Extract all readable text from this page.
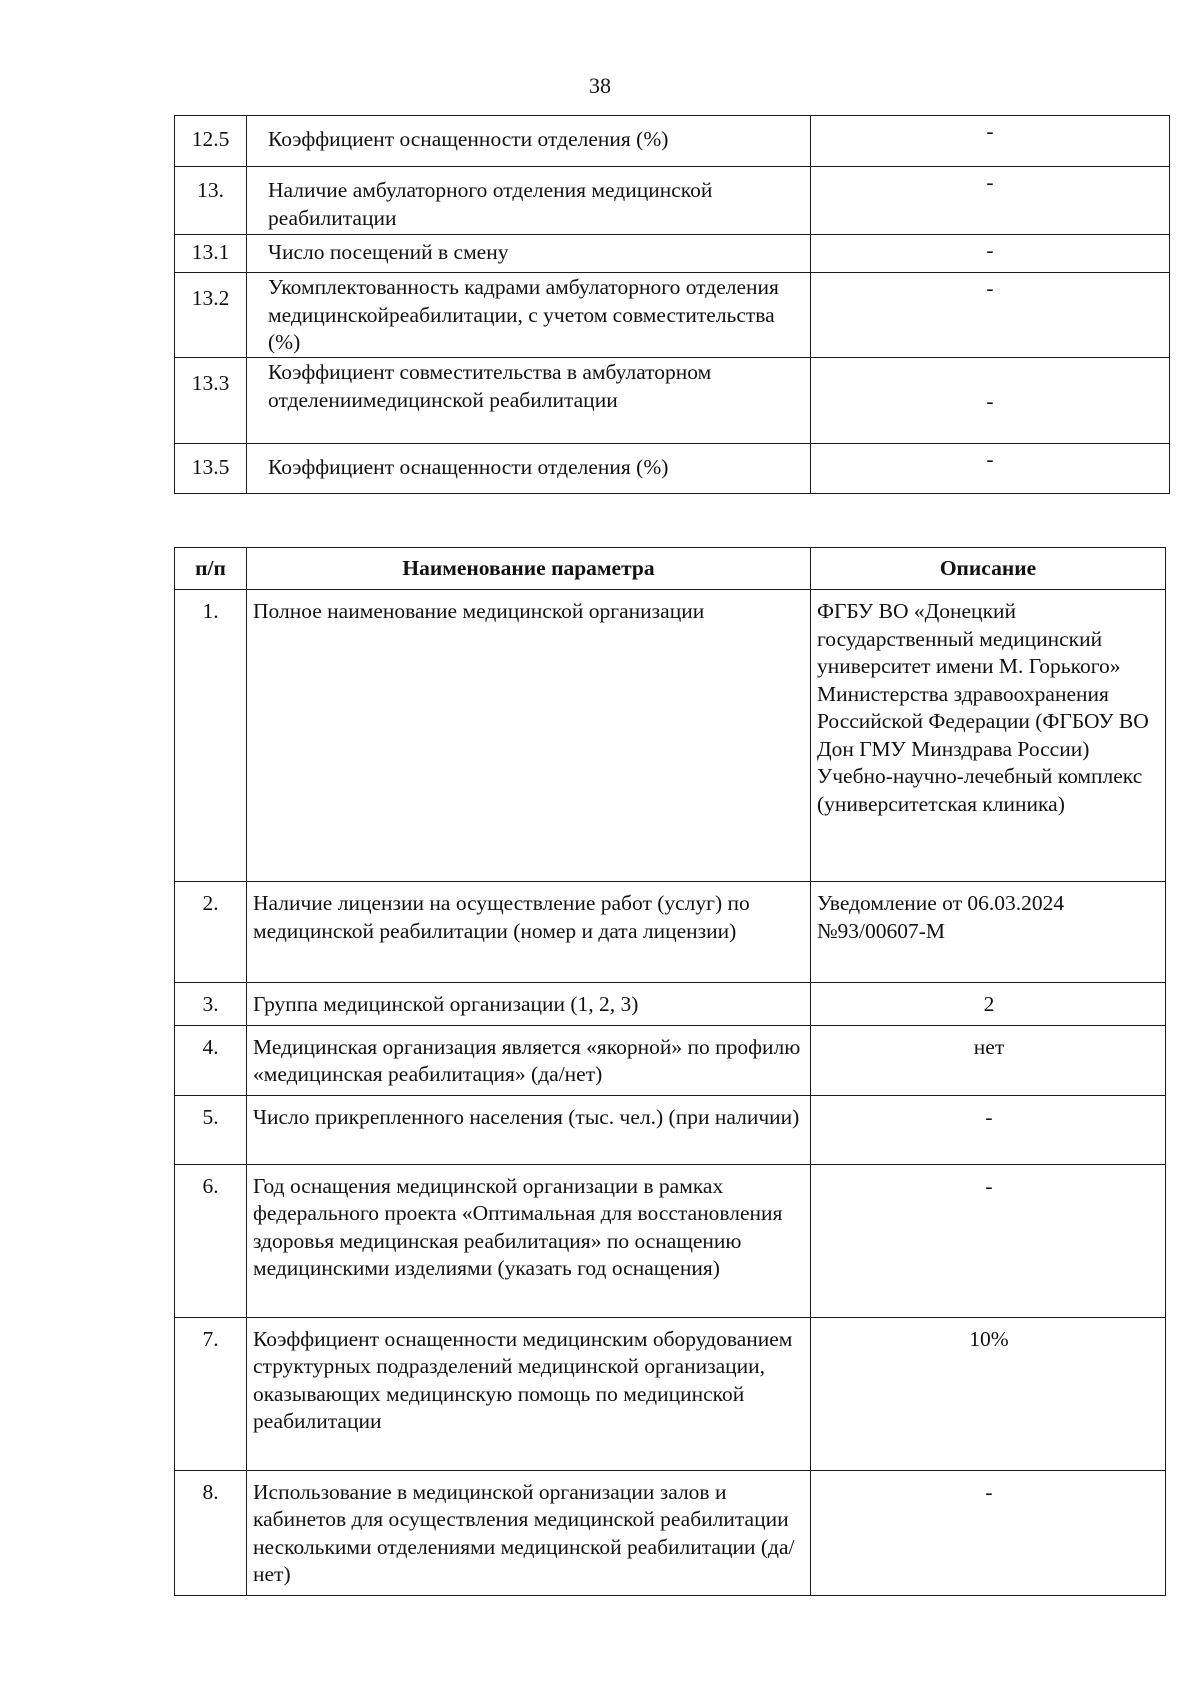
38
12.5	Коэффициент оснащенности отделения (%)	-
13.	Наличие амбулаторного отделения медицинской реабилитации	-
13.1	Число посещений в смену	-
13.2	Укомплектованность кадрами амбулаторного отделения медицинскойреабилитации, с учетом совместительства (%)	-
13.3	Коэффициент совместительства в амбулаторном отделениимедицинской реабилитации	-
13.5	Коэффициент оснащенности отделения (%)	-
п/п	Наименование параметра	Описание
1.	Полное наименование медицинской организации	ФГБУ ВО «Донецкий государственный медицинский университет имени М. Горького» Министерства здравоохранения Российской Федерации (ФГБОУ ВО Дон ГМУ Минздрава России) Учебно-научно-лечебный комплекс (университетская клиника)
2.	Наличие лицензии на осуществление работ (услуг) по медицинской реабилитации (номер и дата лицензии)	Уведомление от 06.03.2024 №93/00607-М
3.	Группа медицинской организации (1, 2, 3)	2
4.	Медицинская организация является «якорной» по профилю «медицинская реабилитация» (да/нет)	нет
5.	Число прикрепленного населения (тыс. чел.) (при наличии)	-
6.	Год оснащения медицинской организации в рамках федерального проекта «Оптимальная для восстановления здоровья медицинская реабилитация» по оснащению медицинскими изделиями (указать год оснащения)	-
7.	Коэффициент оснащенности медицинским оборудованием структурных подразделений медицинской организации, оказывающих медицинскую помощь по медицинской реабилитации	10%
8.	Использование в медицинской организации залов и кабинетов для осуществления медицинской реабилитации несколькими отделениями медицинской реабилитации (да/нет)	-
